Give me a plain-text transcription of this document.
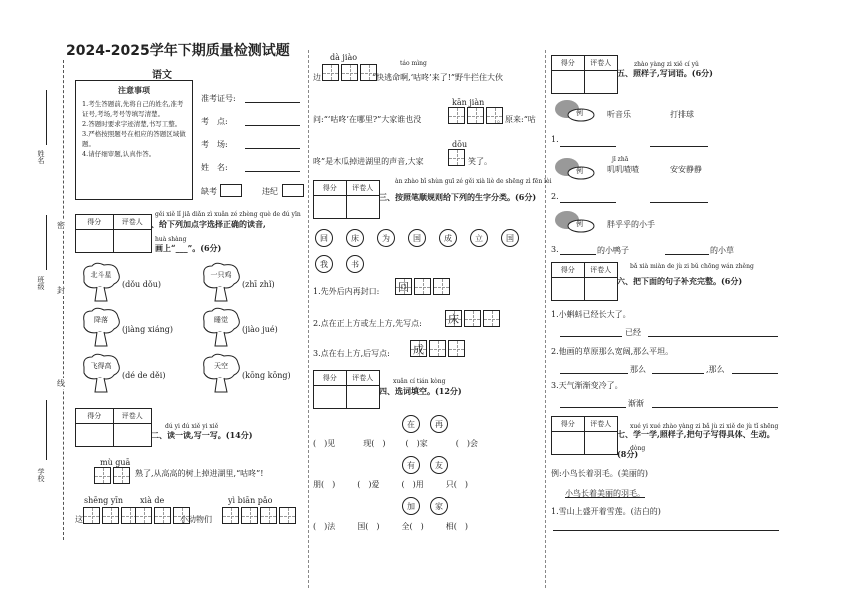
2024-2025学年下期质量检测试题
语文
姓名
班级
学校
密
封
线
注意事项
1.考生答题前,先将自己的姓名,准考证号,考场,考号等填写清楚。
2.答题时要求字迹清楚,书写工整。
3.严格按照题号在相应的答题区域做题。
4.请仔细审题,认真作答。
准考证号:
考　点:
考　场:
姓　名:
缺考	违纪
得分	评卷人
gěi xiě lǐ jiā diǎn zì xuǎn zé zhèng què de dú yīn
、给下列加点字选择正确的读音,
huà shàng
画上“___”。(6分)
北斗星
(dǒu dǒu)
一只鸡
(zhī zhǐ)
降落
(jiàng xiáng)
睡觉
(jiào jué)
飞得高
(dé de děi)
天空
(kōng kōng)
得分	评卷人
dú yi dú xiě yi xiě
二、读一读,写一写。(14分)
mù guā
熟了,从高高的树上掉进湖里,“咕咚”!
shēng yīn xià de	yì biān pǎo
这	小动物们
dà jiào
táo mìng
边	“快逃命啊,‘咕咚’来了!”野牛拦住大伙
kān jiàn
问:“‘咕咚’在哪里?”大家谁也没	。原来:“咕
dōu
咚”是木瓜掉进湖里的声音,大家	笑了。
得分	评卷人
àn zhào bǐ shùn guī zé gěi xià liè de shēng zì fēn lèi
三、按照笔顺规则给下列的生字分类。(6分)
回	床	为	国	成	立	国
我	书
1.先外后内再封口: 回
2.点在正上方或左上方,先写点: 床
3.点在右上方,后写点: 成
得分	评卷人	xuǎn cí tián kòng
四、选词填空。(12分)
在	再
(　)见　	现(　)	(　)家　	(　)会
有	友
朋(　)	(　)爱	(　)用	只(　)
加	家
(　)法	国(　)	全(　)	相(　)
得分	评卷人	zhào yàng zi xiě cí yǔ
五、照样子,写词语。(6分)
例	听音乐	打排球
1.
例
jī zhā
叽叽喳喳	安安静静
2.
例	胖乎乎的小手
3.	的小鸭子	的小草
得分	评卷人	bǎ xià miàn de jù zi bǔ chōng wán zhěng
六、把下面的句子补充完整。(6分)
1.小蝌蚪已经长大了。
已经
2.他画的草原那么宽阔,那么平坦。
那么	,那么
3.天气渐渐变冷了。
渐渐
得分	评卷人	xué yi xué zhào yàng zi bǎ jù zi xiě de jù tǐ shēng dòng
七、学一学,照样子,把句子写得具体、生动。(8分)
例:小鸟长着羽毛。(美丽的)
小鸟长着美丽的羽毛。
1.雪山上盛开着雪莲。(洁白的)
